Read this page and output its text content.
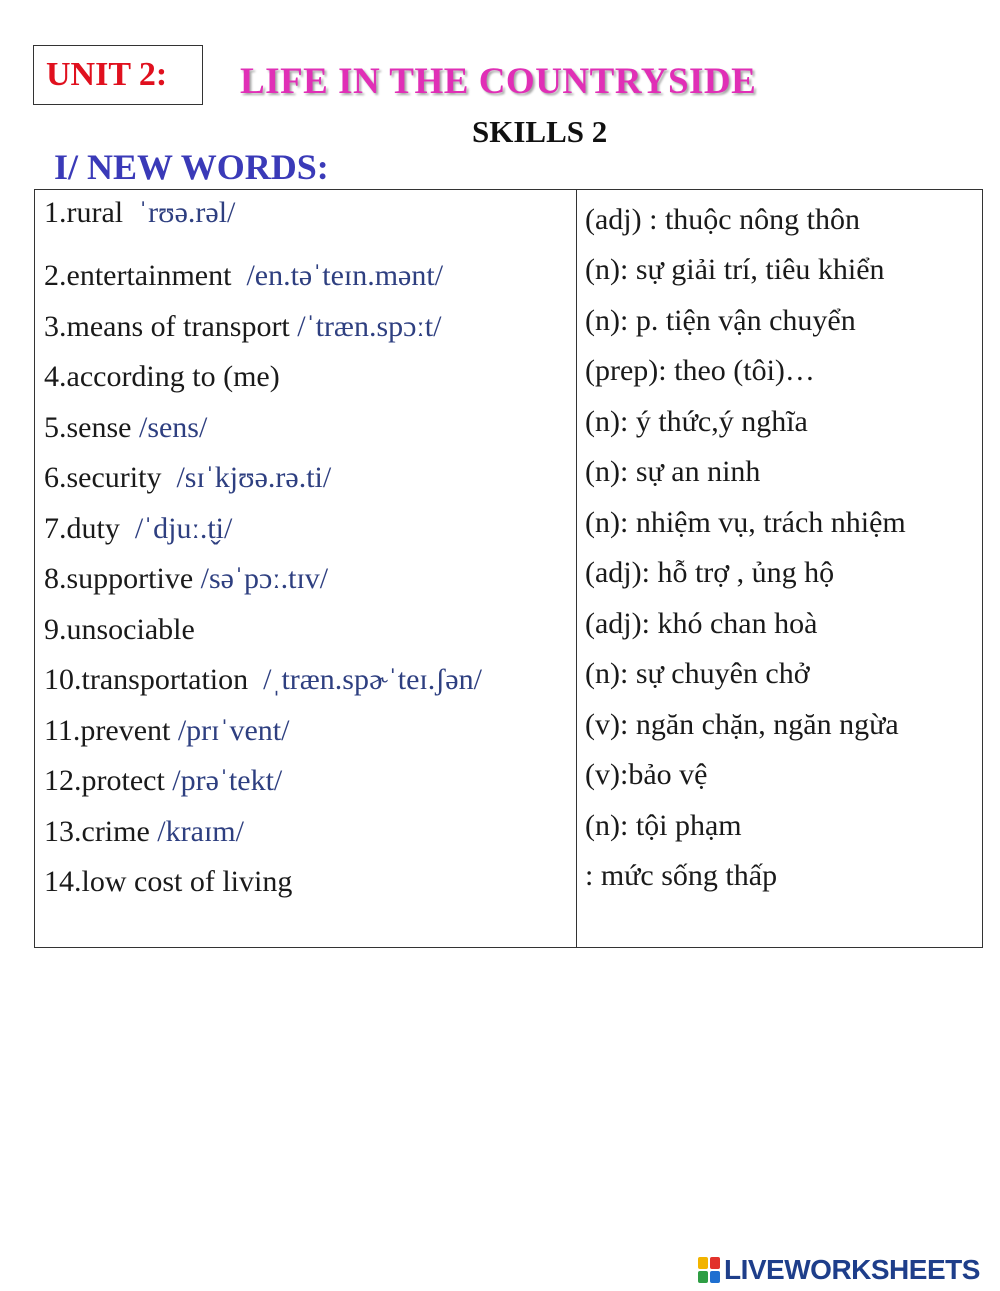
UNIT 2: LIFE IN THE COUNTRYSIDE
SKILLS 2
I/ NEW WORDS:
1.rural ˈrʊə.rəl/
2.entertainment /en.təˈteɪn.mənt/
3.means of transport /ˈtræn.spɔːt/
4.according to (me)
5.sense /sens/
6.security /sɪˈkjʊə.rə.ti/
7.duty /ˈdjuː.t̬i/
8.supportive /səˈpɔː.tɪv/
9.unsociable
10.transportation /ˌtræn.spɚˈteɪ.ʃən/
11.prevent /prɪˈvent/
12.protect /prəˈtekt/
13.crime /kraɪm/
14.low cost of living
(adj) : thuộc nông thôn
(n): sự giải trí, tiêu khiển
(n): p. tiện vận chuyển
(prep): theo (tôi)…
(n): ý thức,ý nghĩa
(n): sự an ninh
(n): nhiệm vụ, trách nhiệm
(adj): hỗ trợ , ủng hộ
(adj): khó chan hoà
(n): sự chuyên chở
(v): ngăn chặn, ngăn ngừa
(v):bảo vệ
(n): tội phạm
: mức sống thấp
LIVEWORKSHEETS
